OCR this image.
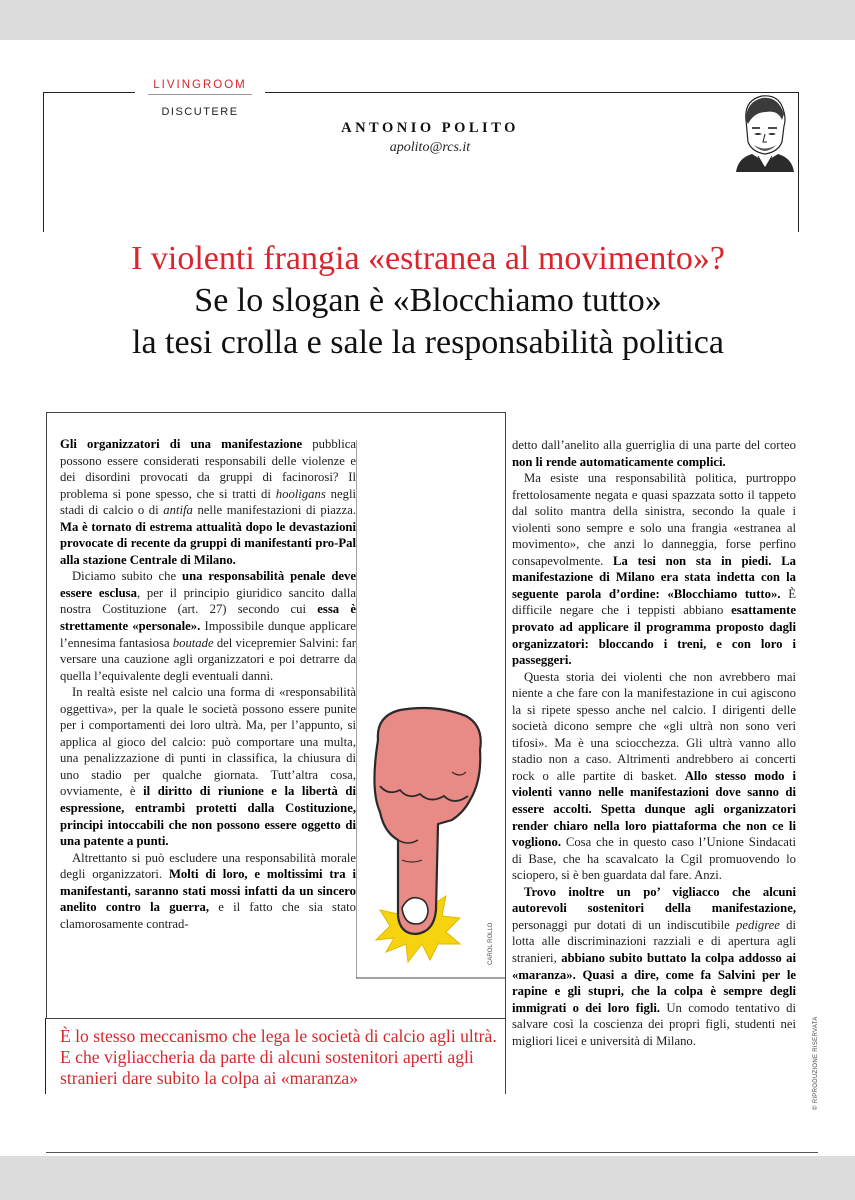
LIVINGROOM
DISCUTERE
ANTONIO POLITO
apolito@rcs.it
I violenti frangia «estranea al movimento»?
Se lo slogan è «Blocchiamo tutto»
la tesi crolla e sale la responsabilità politica

Gli organizzatori di una manifestazione pubblica possono essere considerati responsabili delle violenze e dei disordini provocati da gruppi di facinorosi? Il problema si pone spesso, che si tratti di hooligans negli stadi di calcio o di antifa nelle manifestazioni di piazza. Ma è tornato di estrema attualità dopo le devastazioni provocate di recente da gruppi di manifestanti pro-Pal alla stazione Centrale di Milano.

Diciamo subito che una responsabilità penale deve essere esclusa, per il principio giuridico sancito dalla nostra Costituzione (art. 27) secondo cui essa è strettamente «personale». Impossibile dunque applicare l’ennesima fantasiosa boutade del vicepremier Salvini: far versare una cauzione agli organizzatori e poi detrarre da quella l’equivalente degli eventuali danni.

In realtà esiste nel calcio una forma di «responsabilità oggettiva», per la quale le società possono essere punite per i comportamenti dei loro ultrà. Ma, per l’appunto, si applica al gioco del calcio: può comportare una multa, una penalizzazione di punti in classifica, la chiusura di uno stadio per qualche giornata. Tutt’altra cosa, ovviamente, è il diritto di riunione e la libertà di espressione, entrambi protetti dalla Costituzione, principi intoccabili che non possono essere oggetto di una patente a punti.

Altrettanto si può escludere una responsabilità morale degli organizzatori. Molti di loro, e moltissimi tra i manifestanti, saranno stati mossi infatti da un sincero anelito contro la guerra, e il fatto che sia stato clamorosamente contrad-	CAROL ROLLO

detto dall’anelito alla guerriglia di una parte del corteo non li rende automaticamente complici.

Ma esiste una responsabilità politica, purtroppo frettolosamente negata e quasi spazzata sotto il tappeto dal solito mantra della sinistra, secondo la quale i violenti sono sempre e solo una frangia «estranea al movimento», che anzi lo danneggia, forse perfino consapevolmente. La tesi non sta in piedi. La manifestazione di Milano era stata indetta con la seguente parola d’ordine: «Blocchiamo tutto». È difficile negare che i teppisti abbiano esattamente provato ad applicare il programma proposto dagli organizzatori: bloccando i treni, e con loro i passeggeri.

Questa storia dei violenti che non avrebbero mai niente a che fare con la manifestazione in cui agiscono la si ripete spesso anche nel calcio. I dirigenti delle società dicono sempre che «gli ultrà non sono veri tifosi». Ma è una sciocchezza. Gli ultrà vanno allo stadio non a caso. Altrimenti andrebbero ai concerti rock o alle partite di basket. Allo stesso modo i violenti vanno nelle manifestazioni dove sanno di essere accolti. Spetta dunque agli organizzatori render chiaro nella loro piattaforma che non ce li vogliono. Cosa che in questo caso l’Unione Sindacati di Base, che ha scavalcato la Cgil promuovendo lo sciopero, si è ben guardata dal fare. Anzi.

Trovo inoltre un po’ vigliacco che alcuni autorevoli sostenitori della manifestazione, personaggi pur dotati di un indiscutibile pedigree di lotta alle discriminazioni razziali e di apertura agli stranieri, abbiano subito buttato la colpa addosso ai «maranza». Quasi a dire, come fa Salvini per le rapine e gli stupri, che la colpa è sempre degli immigrati o dei loro figli. Un comodo tentativo di salvare così la coscienza dei propri figli, studenti nei migliori licei e università di Milano.	© RIPRODUZIONE RISERVATA
È lo stesso meccanismo che lega le società di calcio agli ultrà. E che vigliaccheria da parte di alcuni sostenitori aperti agli stranieri dare subito la colpa ai «maranza»
